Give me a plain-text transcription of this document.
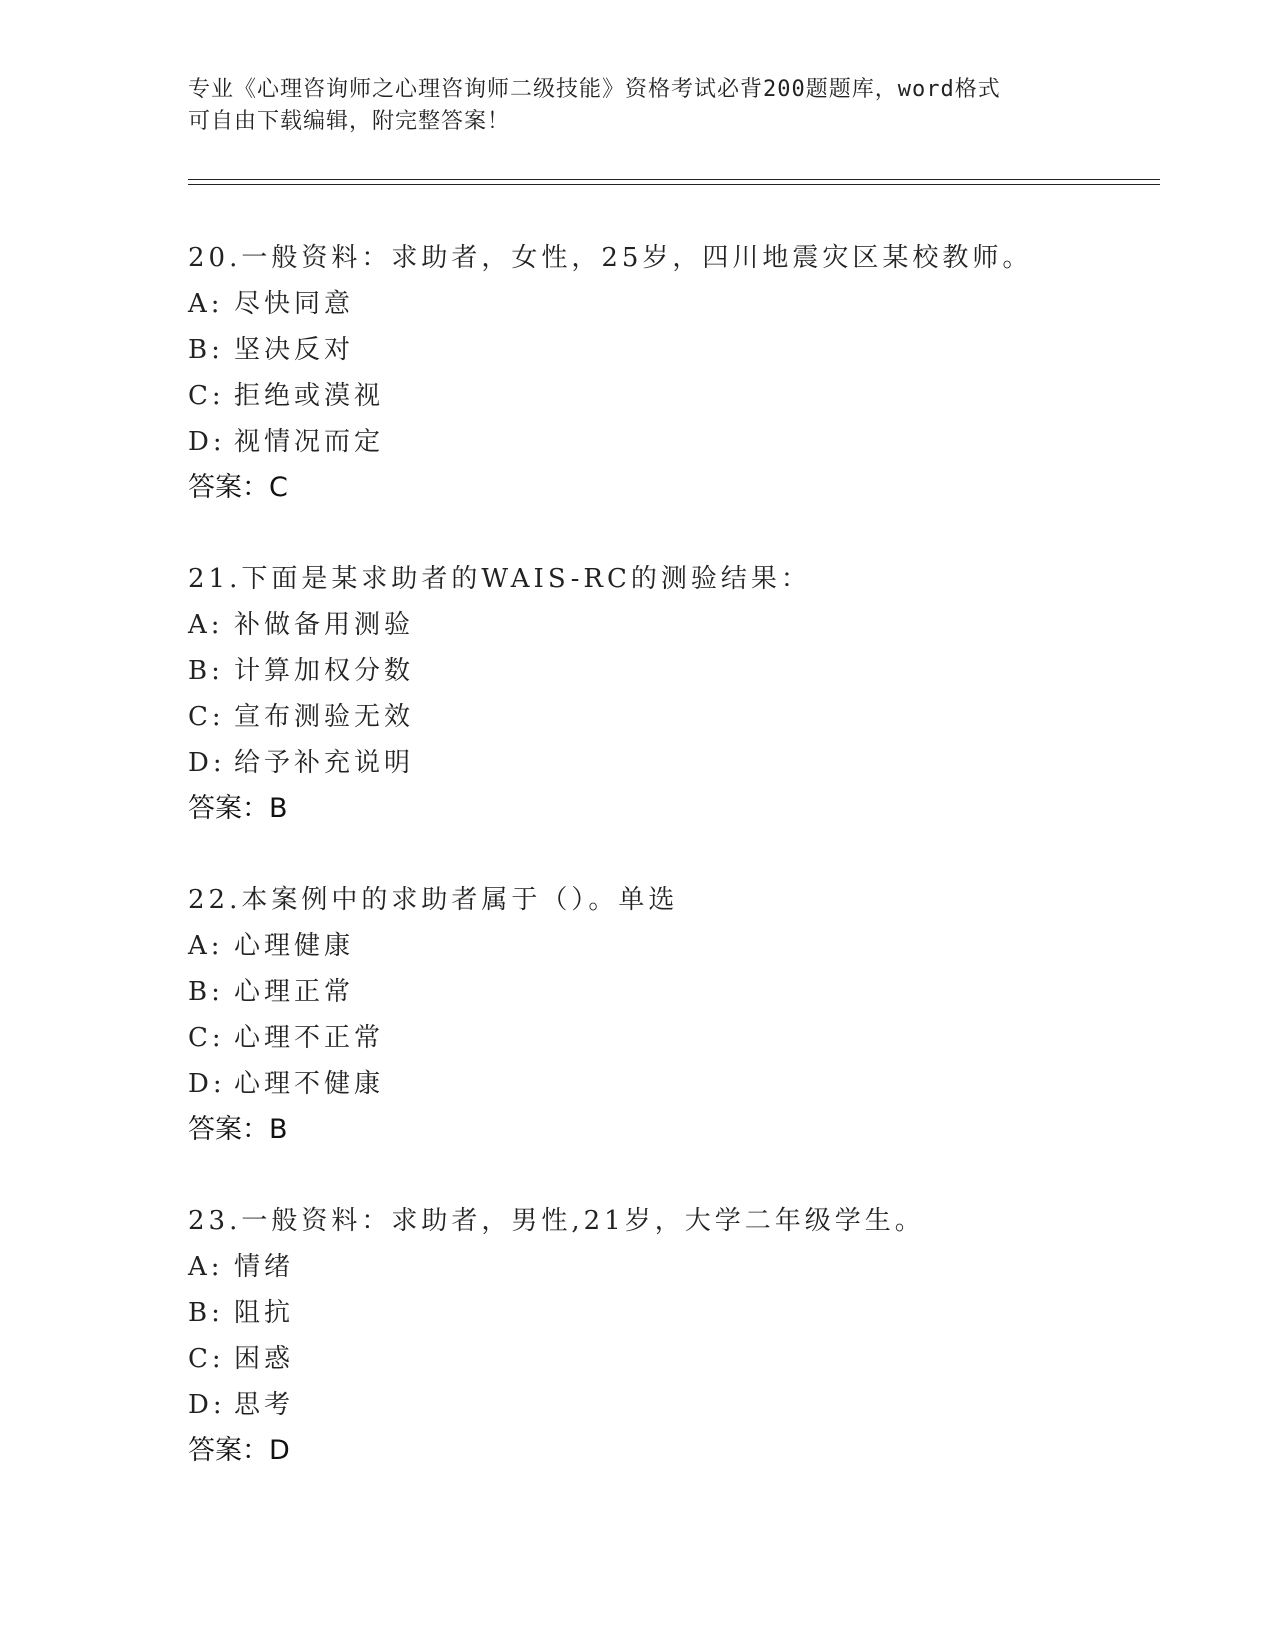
专业《心理咨询师之心理咨询师二级技能》资格考试必背200题题库，word格式
可自由下载编辑，附完整答案！
20.一般资料：求助者，女性，25岁，四川地震灾区某校教师。
A: 尽快同意
B: 坚决反对
C: 拒绝或漠视
D: 视情况而定
答案：C
21.下面是某求助者的WAIS-RC的测验结果：
A: 补做备用测验
B: 计算加权分数
C: 宣布测验无效
D: 给予补充说明
答案：B
22.本案例中的求助者属于（）。单选
A: 心理健康
B: 心理正常
C: 心理不正常
D: 心理不健康
答案：B
23.一般资料：求助者，男性,21岁，大学二年级学生。
A: 情绪
B: 阻抗
C: 困惑
D: 思考
答案：D
